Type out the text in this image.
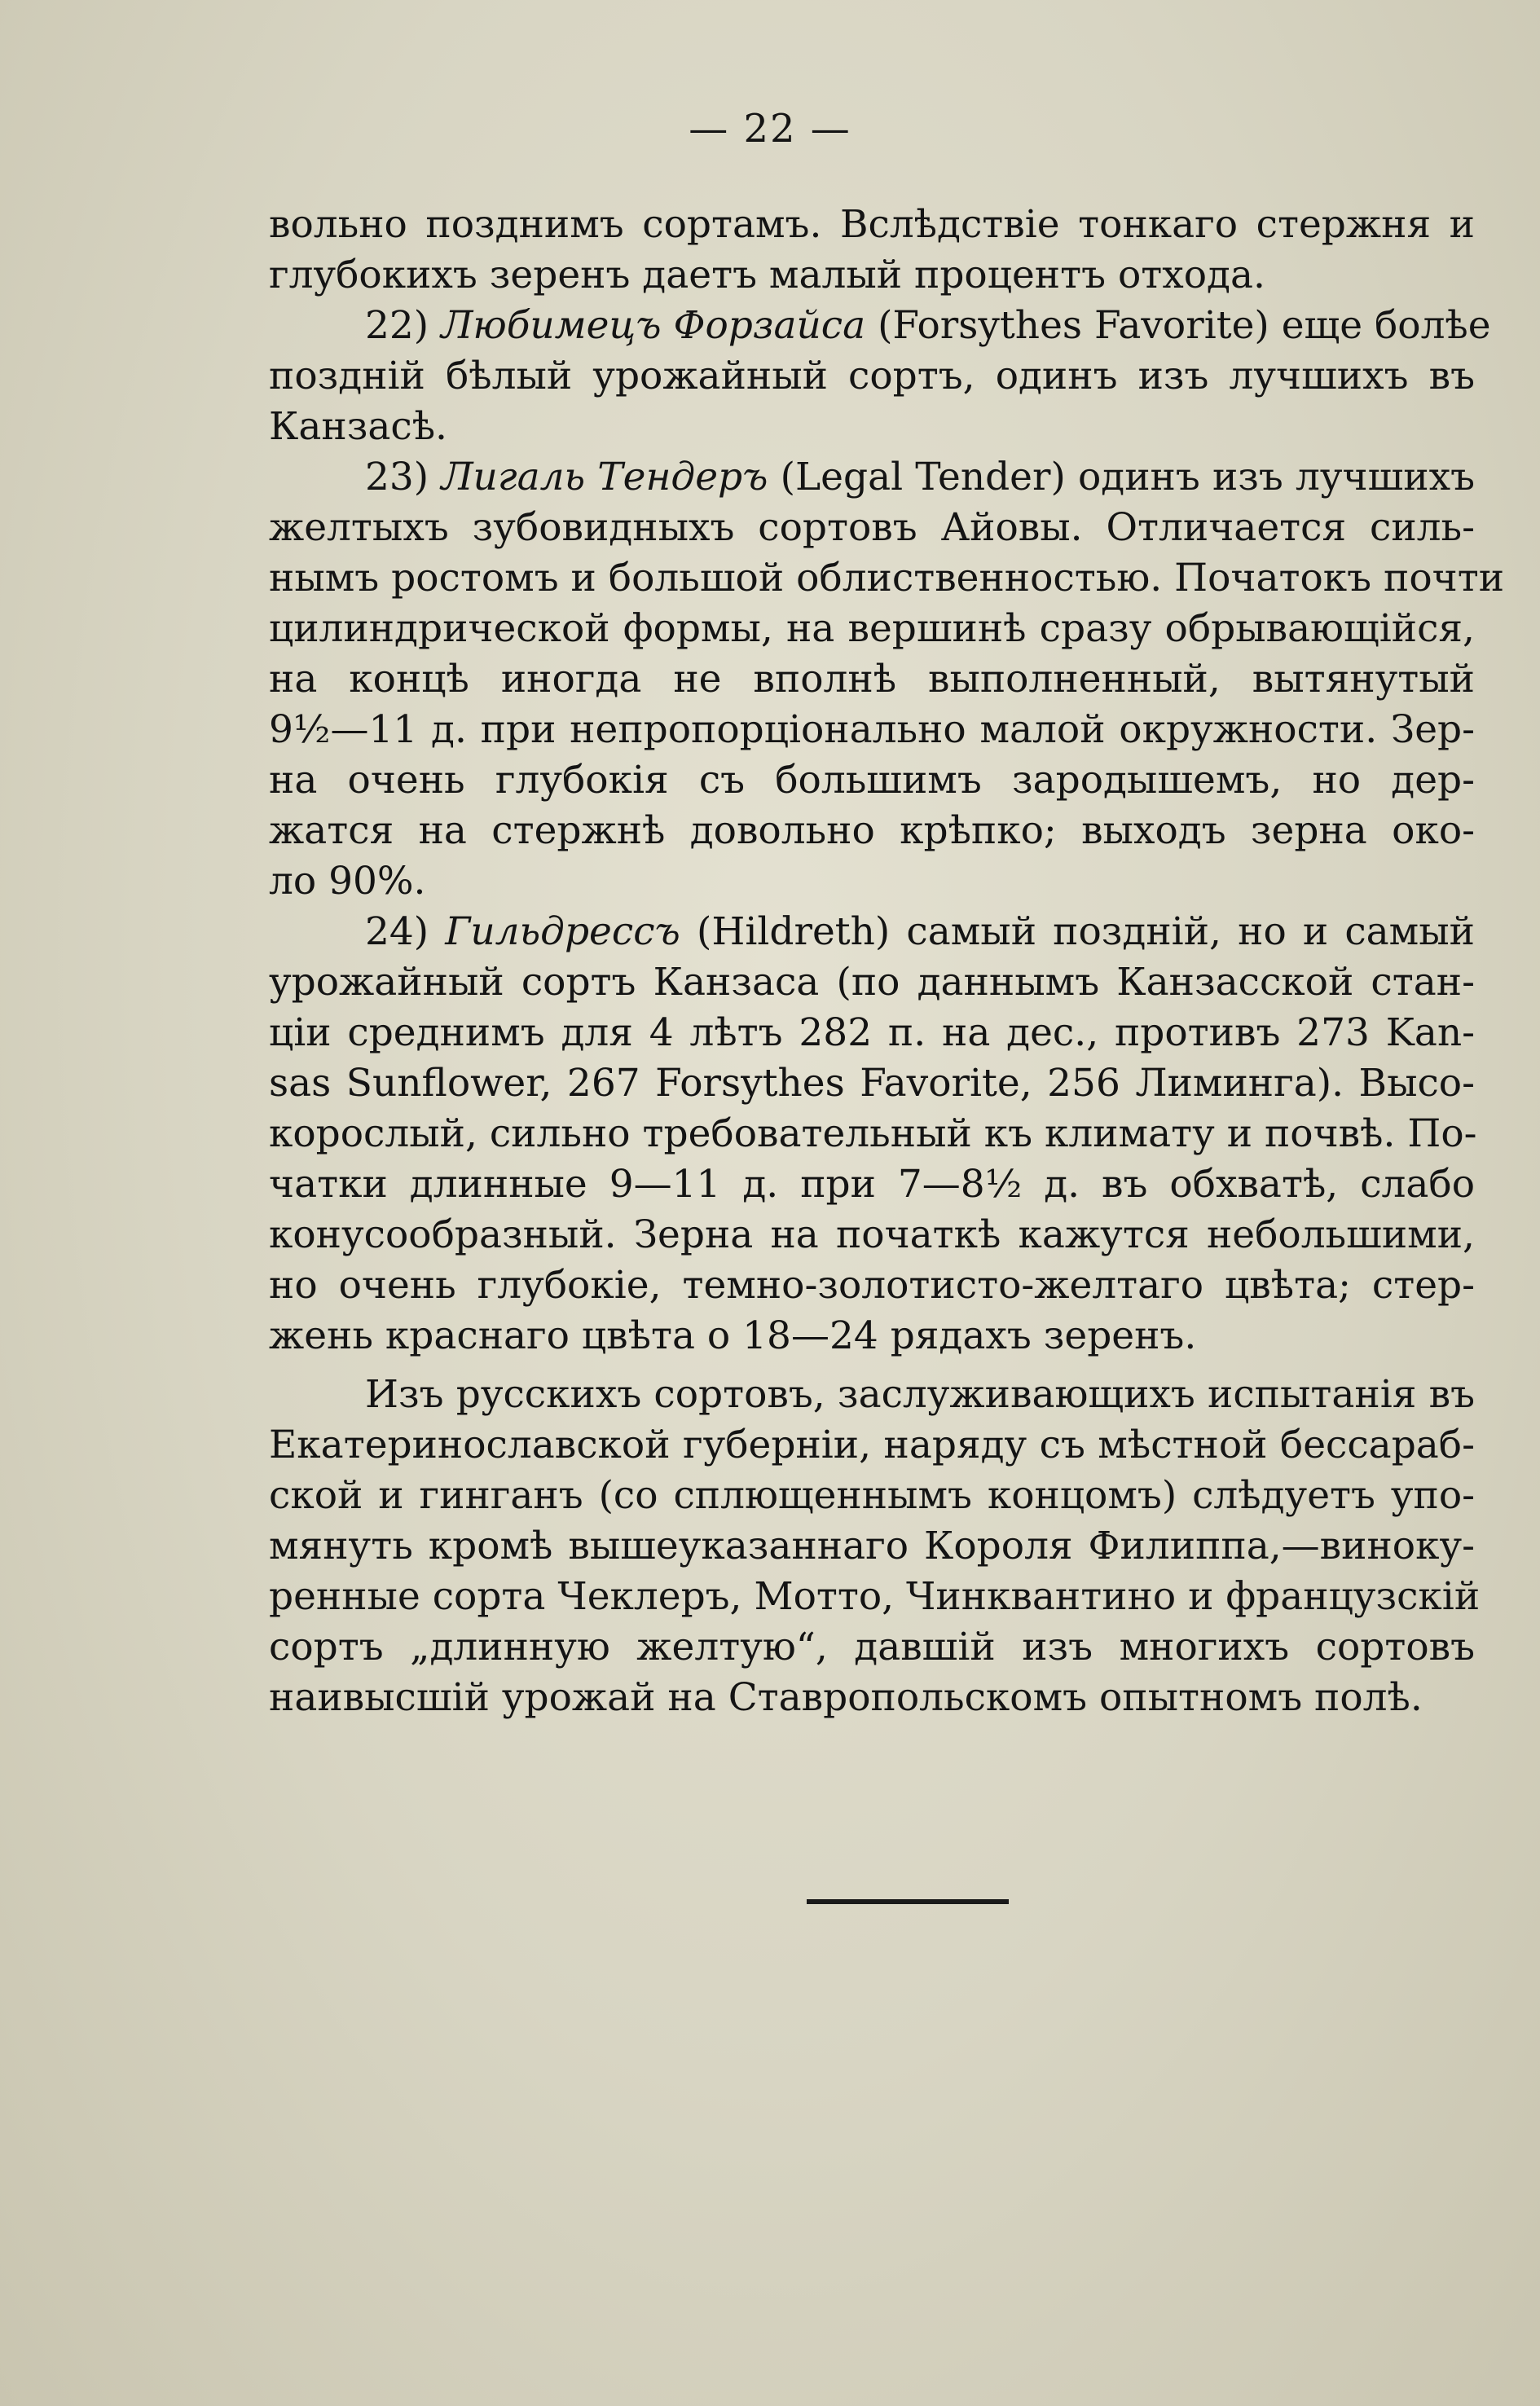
— 22 —
вольно позднимъ сортамъ. Вслѣдствіе тонкаго стержня и
глубокихъ зеренъ даетъ малый процентъ отхода.
22) Любимецъ Форзайса (Forsythes Favorite) еще болѣе
поздній бѣлый урожайный сортъ, одинъ изъ лучшихъ въ
Канзасѣ.
23) Лигаль Тендеръ (Legal Tender) одинъ изъ лучшихъ
желтыхъ зубовидныхъ сортовъ Айовы. Отличается силь-
нымъ ростомъ и большой облиственностью. Початокъ почти
цилиндрической формы, на вершинѣ сразу обрывающійся,
на концѣ иногда не вполнѣ выполненный, вытянутый
9½—11 д. при непропорціонально малой окружности. Зер-
на очень глубокія съ большимъ зародышемъ, но дер-
жатся на стержнѣ довольно крѣпко; выходъ зерна око-
ло 90%.
24) Гильдрессъ (Hildreth) самый поздній, но и самый
урожайный сортъ Канзаса (по даннымъ Канзасской стан-
ціи среднимъ для 4 лѣтъ 282 п. на дес., противъ 273 Kan-
sas Sunflower, 267 Forsythes Favorite, 256 Лиминга). Высо-
корослый, сильно требовательный къ климату и почвѣ. По-
чатки длинные 9—11 д. при 7—8½ д. въ обхватѣ, слабо
конусообразный. Зерна на початкѣ кажутся небольшими,
но очень глубокіе, темно-золотисто-желтаго цвѣта; стер-
жень краснаго цвѣта о 18—24 рядахъ зеренъ.
Изъ русскихъ сортовъ, заслуживающихъ испытанія въ
Екатеринославской губерніи, наряду съ мѣстной бессараб-
ской и гинганъ (со сплющеннымъ концомъ) слѣдуетъ упо-
мянуть кромѣ вышеуказаннаго Короля Филиппа,—винoку-
ренные сорта Чеклеръ, Мотто, Чинквантино и французскій
сортъ „длинную желтую“, давшій изъ многихъ сортовъ
наивысшій урожай на Ставропольскомъ опытномъ полѣ.
